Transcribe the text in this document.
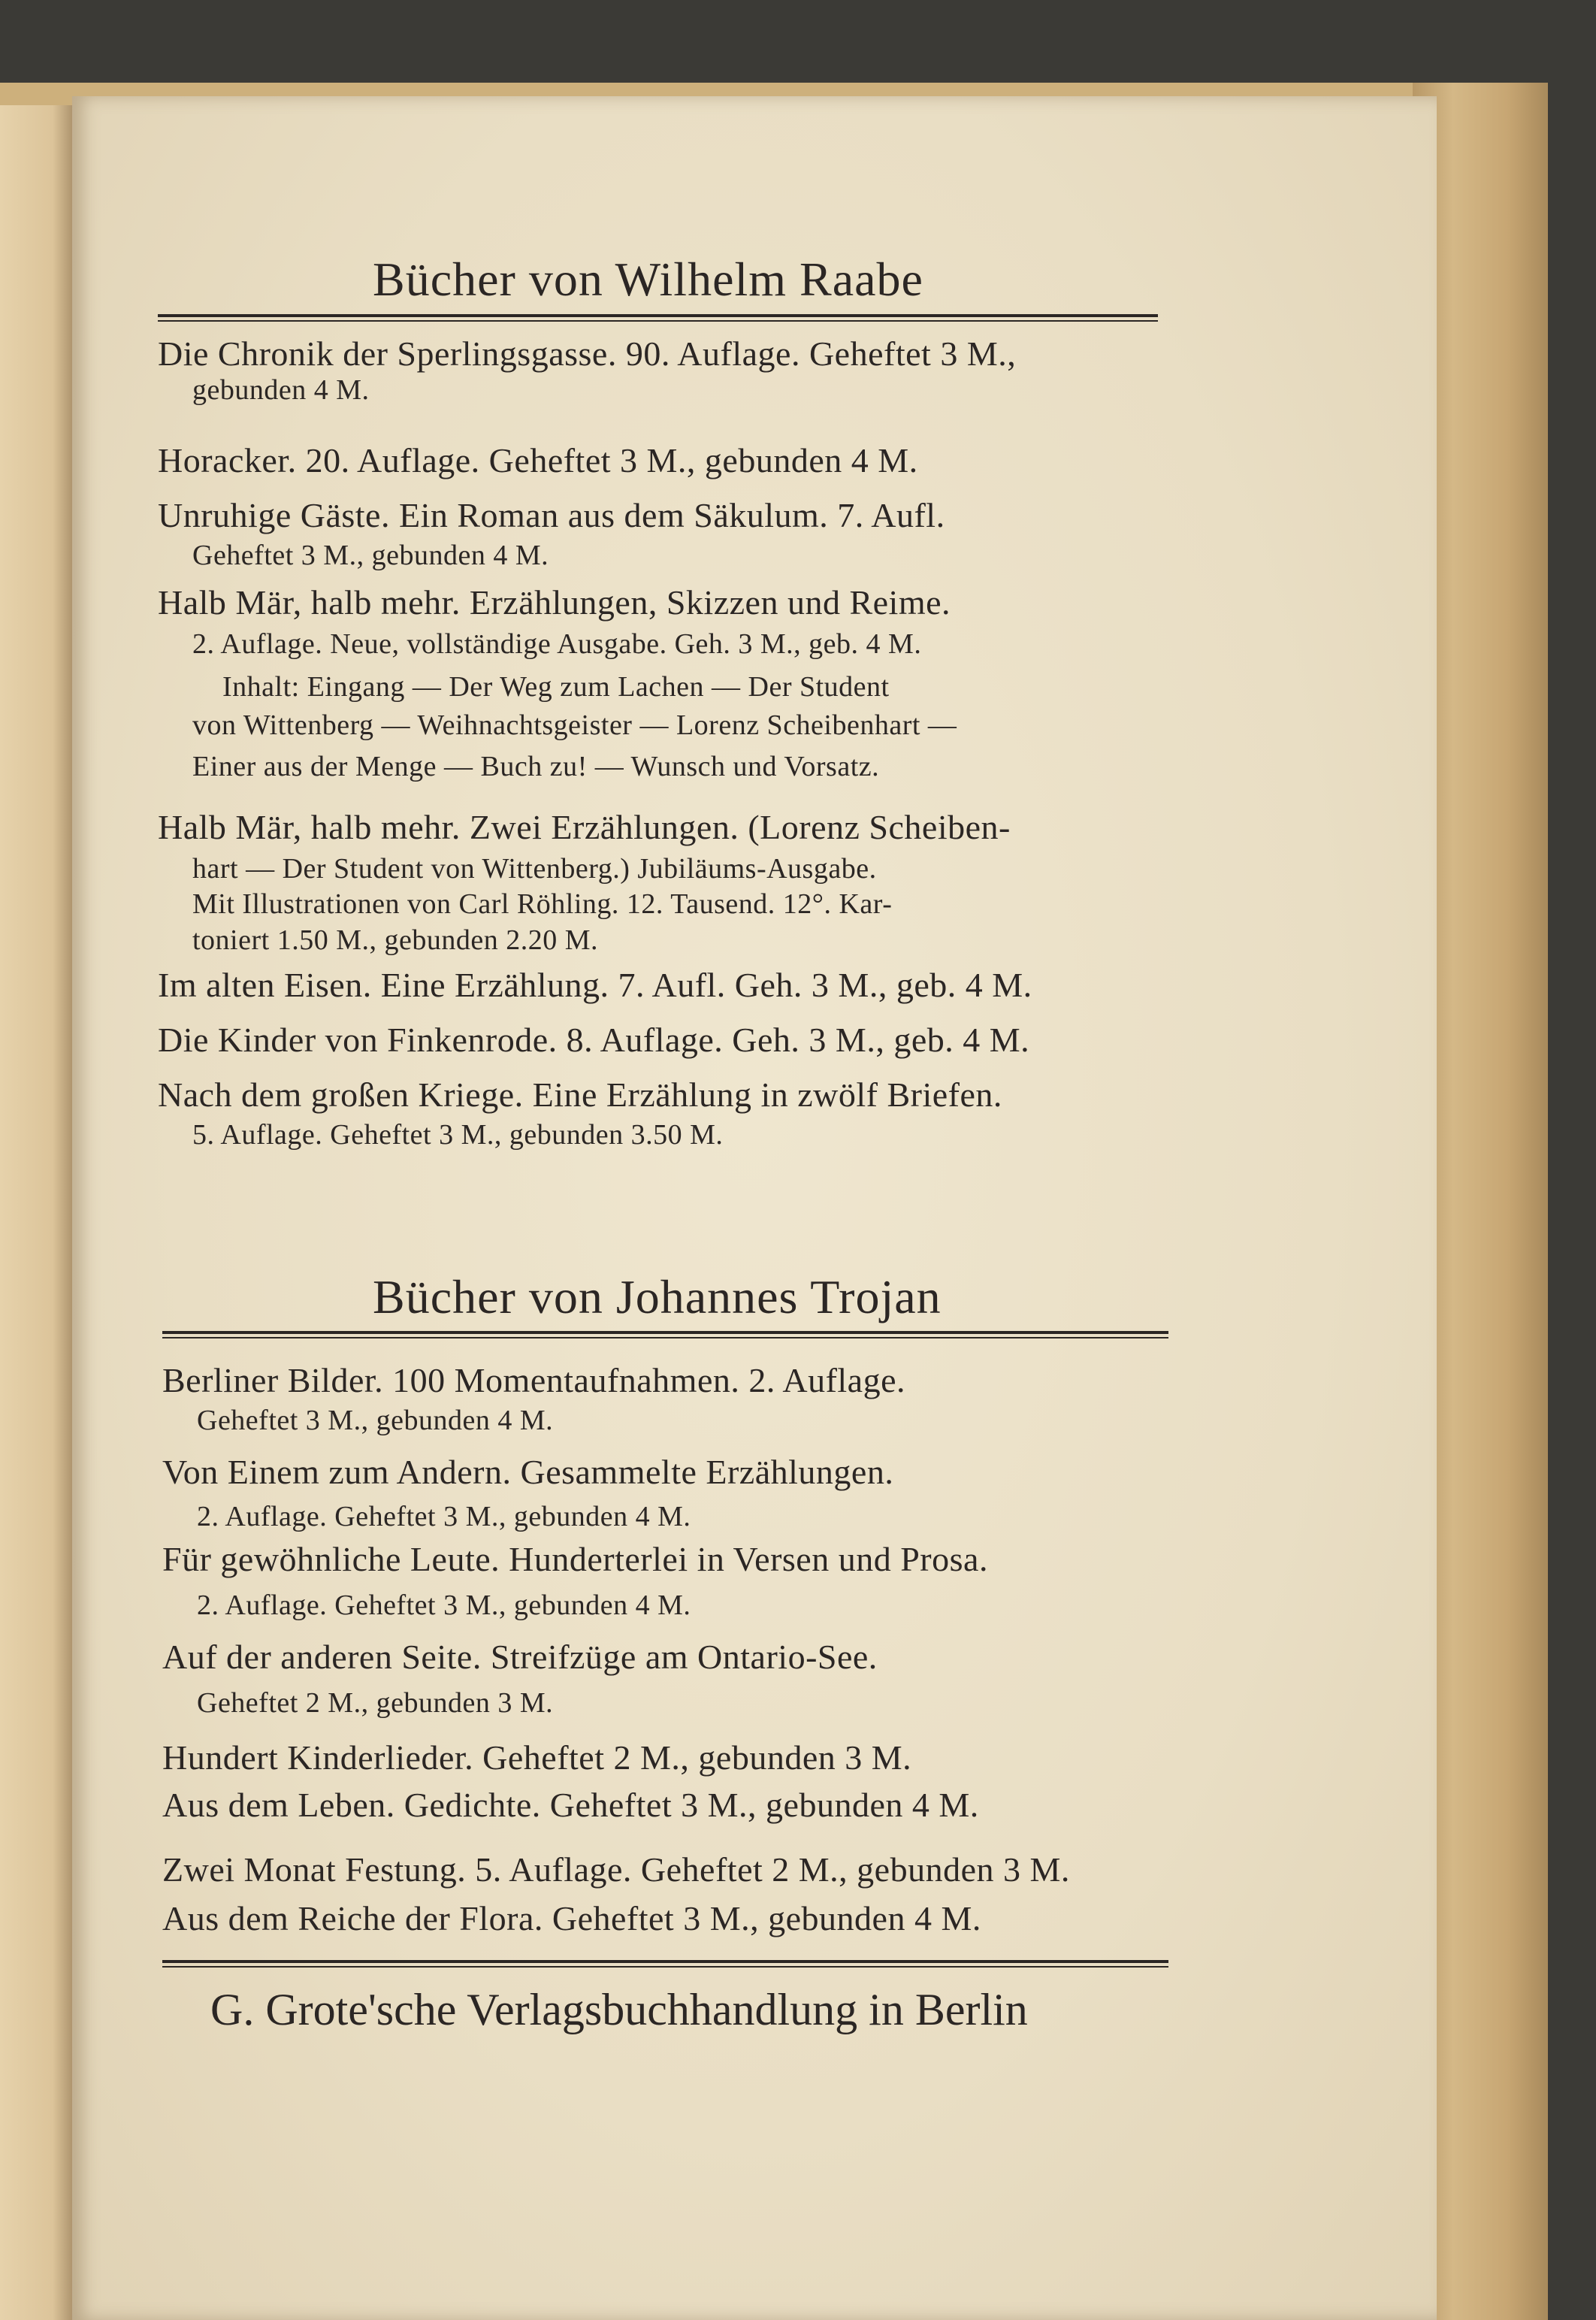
Bücher von Wilhelm Raabe
Bücher von Johannes Trojan
G. Grote'sche Verlagsbuchhandlung in Berlin
Die Chronik der Sperlingsgasse. 90. Auflage. Geheftet 3 M.,
gebunden 4 M.
Horacker. 20. Auflage. Geheftet 3 M., gebunden 4 M.
Unruhige Gäste. Ein Roman aus dem Säkulum. 7. Aufl.
Geheftet 3 M., gebunden 4 M.
Halb Mär, halb mehr. Erzählungen, Skizzen und Reime.
2. Auflage. Neue, vollständige Ausgabe. Geh. 3 M., geb. 4 M.
Inhalt: Eingang — Der Weg zum Lachen — Der Student
von Wittenberg — Weihnachtsgeister — Lorenz Scheibenhart —
Einer aus der Menge — Buch zu! — Wunsch und Vorsatz.
Halb Mär, halb mehr. Zwei Erzählungen. (Lorenz Scheiben-
hart — Der Student von Wittenberg.) Jubiläums-Ausgabe.
Mit Illustrationen von Carl Röhling. 12. Tausend. 12°. Kar-
toniert 1.50 M., gebunden 2.20 M.
Im alten Eisen. Eine Erzählung. 7. Aufl. Geh. 3 M., geb. 4 M.
Die Kinder von Finkenrode. 8. Auflage. Geh. 3 M., geb. 4 M.
Nach dem großen Kriege. Eine Erzählung in zwölf Briefen.
5. Auflage. Geheftet 3 M., gebunden 3.50 M.
Berliner Bilder. 100 Momentaufnahmen. 2. Auflage.
Geheftet 3 M., gebunden 4 M.
Von Einem zum Andern. Gesammelte Erzählungen.
2. Auflage. Geheftet 3 M., gebunden 4 M.
Für gewöhnliche Leute. Hunderterlei in Versen und Prosa.
2. Auflage. Geheftet 3 M., gebunden 4 M.
Auf der anderen Seite. Streifzüge am Ontario-See.
Geheftet 2 M., gebunden 3 M.
Hundert Kinderlieder. Geheftet 2 M., gebunden 3 M.
Aus dem Leben. Gedichte. Geheftet 3 M., gebunden 4 M.
Zwei Monat Festung. 5. Auflage. Geheftet 2 M., gebunden 3 M.
Aus dem Reiche der Flora. Geheftet 3 M., gebunden 4 M.
